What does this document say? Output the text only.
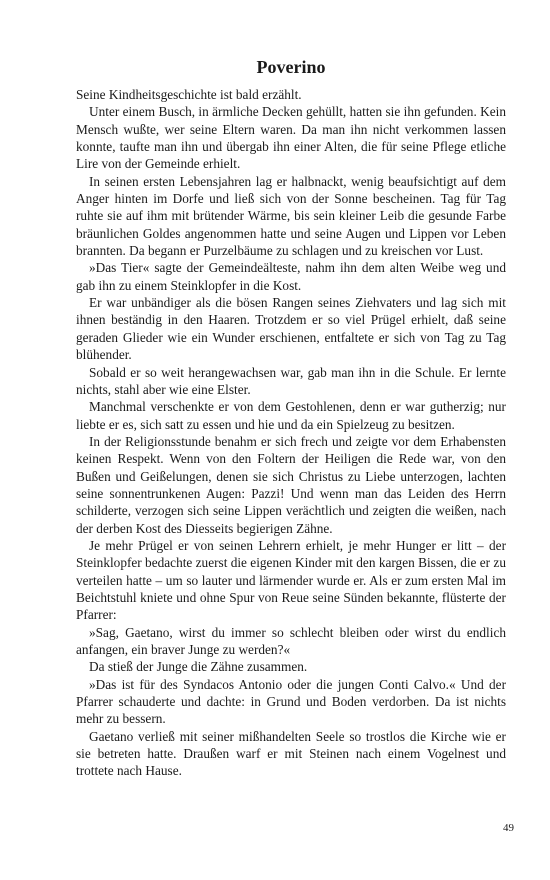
Poverino

Seine Kindheitsgeschichte ist bald erzählt.

Unter einem Busch, in ärmliche Decken gehüllt, hatten sie ihn gefunden. Kein Mensch wußte, wer seine Eltern waren. Da man ihn nicht verkommen lassen konnte, taufte man ihn und übergab ihn einer Alten, die für seine Pflege etliche Lire von der Gemeinde erhielt.

In seinen ersten Lebensjahren lag er halbnackt, wenig beaufsichtigt auf dem Anger hinten im Dorfe und ließ sich von der Sonne bescheinen. Tag für Tag ruhte sie auf ihm mit brütender Wärme, bis sein kleiner Leib die gesunde Farbe bräunlichen Goldes angenommen hatte und seine Augen und Lippen vor Leben brannten. Da begann er Purzelbäume zu schlagen und zu kreischen vor Lust.

»Das Tier« sagte der Gemeindeälteste, nahm ihn dem alten Weibe weg und gab ihn zu einem Steinklopfer in die Kost.

Er war unbändiger als die bösen Rangen seines Ziehvaters und lag sich mit ihnen beständig in den Haaren. Trotzdem er so viel Prügel erhielt, daß seine geraden Glieder wie ein Wunder erschienen, entfaltete er sich von Tag zu Tag blühender.

Sobald er so weit herangewachsen war, gab man ihn in die Schule. Er lernte nichts, stahl aber wie eine Elster.

Manchmal verschenkte er von dem Gestohlenen, denn er war gutherzig; nur liebte er es, sich satt zu essen und hie und da ein Spielzeug zu besitzen.

In der Religionsstunde benahm er sich frech und zeigte vor dem Erhabensten keinen Respekt. Wenn von den Foltern der Heiligen die Rede war, von den Bußen und Geißelungen, denen sie sich Christus zu Liebe unterzogen, lachten seine sonnentrunkenen Augen: Pazzi! Und wenn man das Leiden des Herrn schilderte, verzogen sich seine Lippen verächtlich und zeigten die weißen, nach der derben Kost des Diesseits begierigen Zähne.

Je mehr Prügel er von seinen Lehrern erhielt, je mehr Hunger er litt – der Steinklopfer bedachte zuerst die eigenen Kinder mit den kargen Bissen, die er zu verteilen hatte – um so lauter und lärmender wurde er. Als er zum ersten Mal im Beichtstuhl kniete und ohne Spur von Reue seine Sünden bekannte, flüsterte der Pfarrer:

»Sag, Gaetano, wirst du immer so schlecht bleiben oder wirst du endlich anfangen, ein braver Junge zu werden?«

Da stieß der Junge die Zähne zusammen.

»Das ist für des Syndacos Antonio oder die jungen Conti Calvo.« Und der Pfarrer schauderte und dachte: in Grund und Boden verdorben. Da ist nichts mehr zu bessern.

Gaetano verließ mit seiner mißhandelten Seele so trostlos die Kirche wie er sie betreten hatte. Draußen warf er mit Steinen nach einem Vogelnest und trottete nach Hause.

49
